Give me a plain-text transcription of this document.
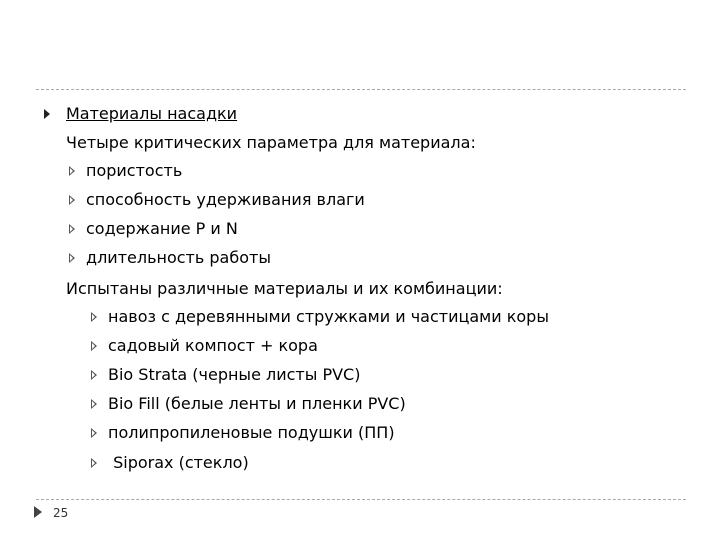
Материалы насадки
Четыре критических параметра для материала:
пористость
способность удерживания влаги
содержание P и N
длительность работы
Испытаны различные материалы и их комбинации:
навоз с деревянными стружками и частицами коры
садовый компост + кора
Bio Strata (черные листы PVC)
Bio Fill (белые ленты и пленки PVC)
полипропиленовые подушки (ПП)
Siporax (стекло)
25
